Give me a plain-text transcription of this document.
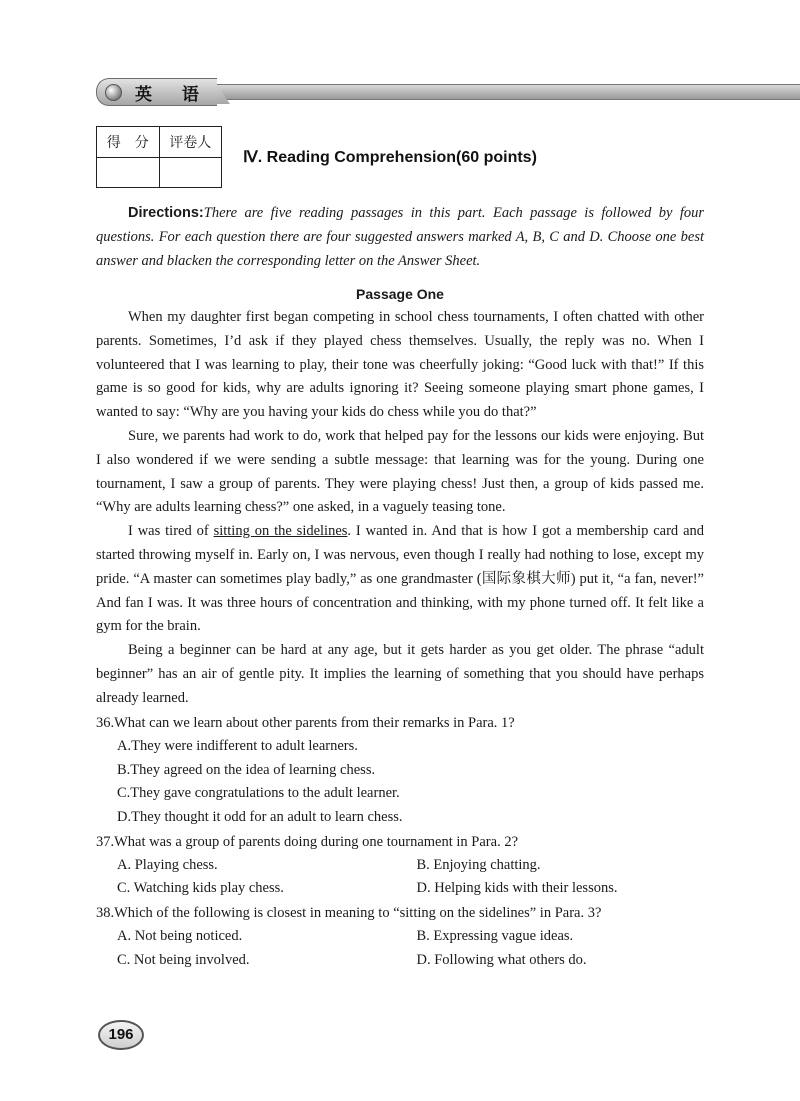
英 语
得　分	评卷人

Ⅳ. Reading Comprehension(60 points)
Directions:There are five reading passages in this part. Each passage is followed by four questions. For each question there are four suggested answers marked A, B, C and D. Choose one best answer and blacken the corresponding letter on the Answer Sheet.
Passage One

When my daughter first began competing in school chess tournaments, I often chatted with other parents. Sometimes, I’d ask if they played chess themselves. Usually, the reply was no. When I volunteered that I was learning to play, their tone was cheerfully joking: “Good luck with that!” If this game is so good for kids, why are adults ignoring it? Seeing someone playing smart phone games, I wanted to say: “Why are you having your kids do chess while you do that?”

Sure, we parents had work to do, work that helped pay for the lessons our kids were enjoying. But I also wondered if we were sending a subtle message: that learning was for the young. During one tournament, I saw a group of parents. They were playing chess! Just then, a group of kids passed me. “Why are adults learning chess?” one asked, in a vaguely teasing tone.

I was tired of sitting on the sidelines. I wanted in. And that is how I got a membership card and started throwing myself in. Early on, I was nervous, even though I really had nothing to lose, except my pride. “A master can sometimes play badly,” as one grandmaster (国际象棋大师) put it, “a fan, never!” And fan I was. It was three hours of concentration and thinking, with my phone turned off. It felt like a gym for the brain.

Being a beginner can be hard at any age, but it gets harder as you get older. The phrase “adult beginner” has an air of gentle pity. It implies the learning of something that you should have perhaps already learned.

36.What can we learn about other parents from their remarks in Para. 1?
A.They were indifferent to adult learners.
B.They agreed on the idea of learning chess.
C.They gave congratulations to the adult learner.
D.They thought it odd for an adult to learn chess.
37.What was a group of parents doing during one tournament in Para. 2?
A. Playing chess.	B. Enjoying chatting.
C. Watching kids play chess.	D. Helping kids with their lessons.
38.Which of the following is closest in meaning to “sitting on the sidelines” in Para. 3?
A. Not being noticed.	B. Expressing vague ideas.
C. Not being involved.	D. Following what others do.
196
